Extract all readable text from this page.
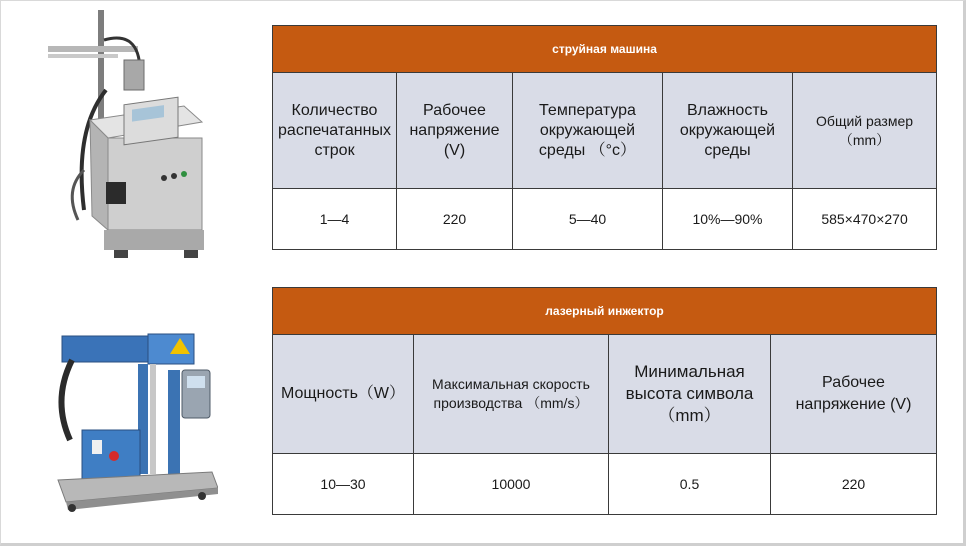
струйная машина				
Количество распечатанных строк	Рабочее напряжение (V)	Температура окружающей среды （°c）	Влажность окружающей среды	Общий размер （mm）
1—4	220	5—40	10%—90%	585×470×270
лазерный инжектор			
Мощность（W）	Максимальная скорость производства （mm/s）	Минимальная высота символа（mm）	Рабочее напряжение (V)
10—30	10000	0.5	220
